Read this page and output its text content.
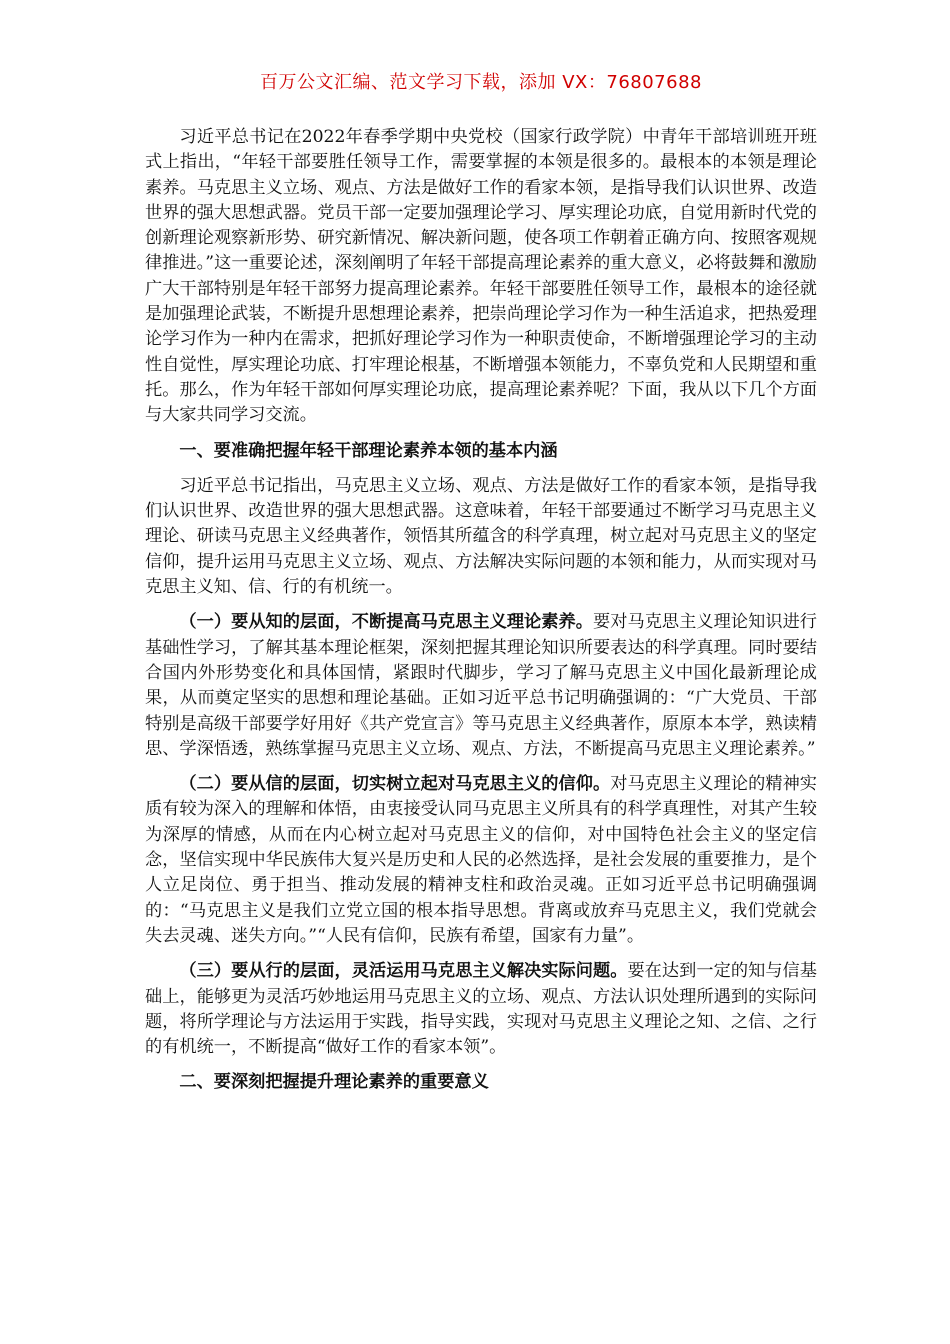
百万公文汇编、范文学习下载，添加 VX：76807688

习近平总书记在2022年春季学期中央党校（国家行政学院）中青年干部培训班开班式上指出，“年轻干部要胜任领导工作，需要掌握的本领是很多的。最根本的本领是理论素养。马克思主义立场、观点、方法是做好工作的看家本领，是指导我们认识世界、改造世界的强大思想武器。党员干部一定要加强理论学习、厚实理论功底，自觉用新时代党的创新理论观察新形势、研究新情况、解决新问题，使各项工作朝着正确方向、按照客观规律推进。”这一重要论述，深刻阐明了年轻干部提高理论素养的重大意义，必将鼓舞和激励广大干部特别是年轻干部努力提高理论素养。年轻干部要胜任领导工作，最根本的途径就是加强理论武装，不断提升思想理论素养，把崇尚理论学习作为一种生活追求，把热爱理论学习作为一种内在需求，把抓好理论学习作为一种职责使命，不断增强理论学习的主动性自觉性，厚实理论功底、打牢理论根基，不断增强本领能力，不辜负党和人民期望和重托。那么，作为年轻干部如何厚实理论功底，提高理论素养呢？下面，我从以下几个方面与大家共同学习交流。

一、要准确把握年轻干部理论素养本领的基本内涵

习近平总书记指出，马克思主义立场、观点、方法是做好工作的看家本领，是指导我们认识世界、改造世界的强大思想武器。这意味着，年轻干部要通过不断学习马克思主义理论、研读马克思主义经典著作，领悟其所蕴含的科学真理，树立起对马克思主义的坚定信仰，提升运用马克思主义立场、观点、方法解决实际问题的本领和能力，从而实现对马克思主义知、信、行的有机统一。

（一）要从知的层面，不断提高马克思主义理论素养。要对马克思主义理论知识进行基础性学习，了解其基本理论框架，深刻把握其理论知识所要表达的科学真理。同时要结合国内外形势变化和具体国情，紧跟时代脚步，学习了解马克思主义中国化最新理论成果，从而奠定坚实的思想和理论基础。正如习近平总书记明确强调的：“广大党员、干部特别是高级干部要学好用好《共产党宣言》等马克思主义经典著作，原原本本学，熟读精思、学深悟透，熟练掌握马克思主义立场、观点、方法，不断提高马克思主义理论素养。”

（二）要从信的层面，切实树立起对马克思主义的信仰。对马克思主义理论的精神实质有较为深入的理解和体悟，由衷接受认同马克思主义所具有的科学真理性，对其产生较为深厚的情感，从而在内心树立起对马克思主义的信仰，对中国特色社会主义的坚定信念，坚信实现中华民族伟大复兴是历史和人民的必然选择，是社会发展的重要推力，是个人立足岗位、勇于担当、推动发展的精神支柱和政治灵魂。正如习近平总书记明确强调的：“马克思主义是我们立党立国的根本指导思想。背离或放弃马克思主义，我们党就会失去灵魂、迷失方向。”“人民有信仰，民族有希望，国家有力量”。

（三）要从行的层面，灵活运用马克思主义解决实际问题。要在达到一定的知与信基础上，能够更为灵活巧妙地运用马克思主义的立场、观点、方法认识处理所遇到的实际问题，将所学理论与方法运用于实践，指导实践，实现对马克思主义理论之知、之信、之行的有机统一，不断提高“做好工作的看家本领”。

二、要深刻把握提升理论素养的重要意义
